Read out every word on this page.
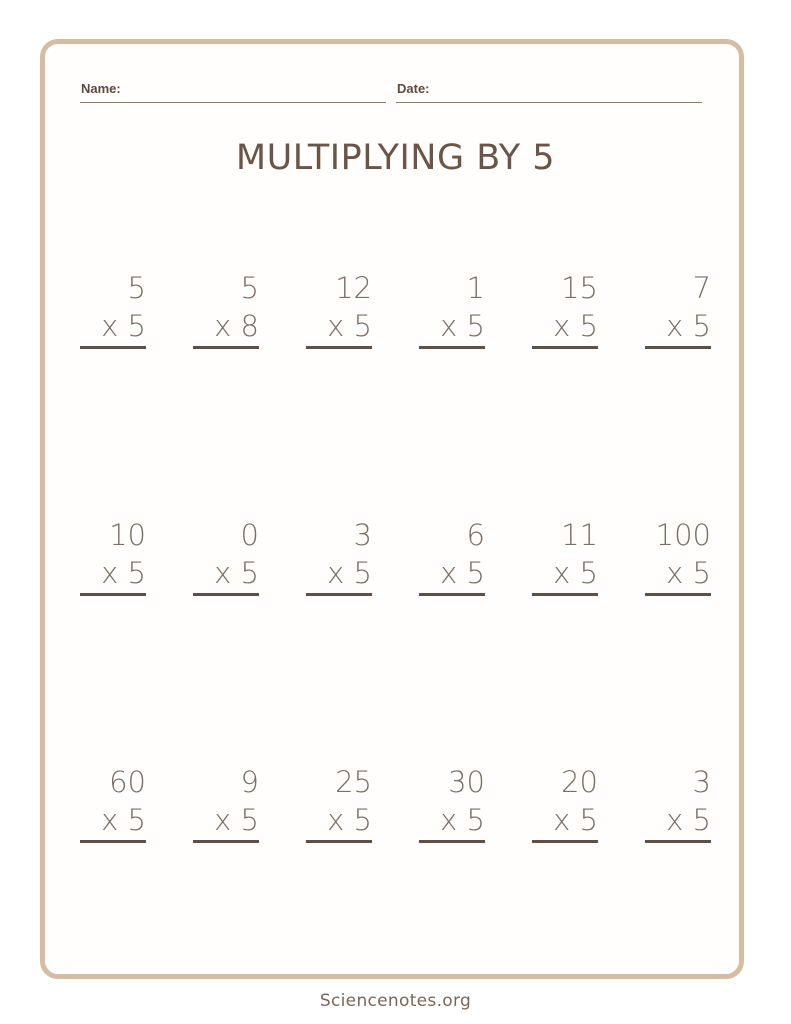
Name:	Date:
MULTIPLYING BY 5
5
x 5
5
x 8
12
x 5
1
x 5
15
x 5
7
x 5
10
x 5
0
x 5
3
x 5
6
x 5
11
x 5
100
x 5
60
x 5
9
x 5
25
x 5
30
x 5
20
x 5
3
x 5
Sciencenotes.org
